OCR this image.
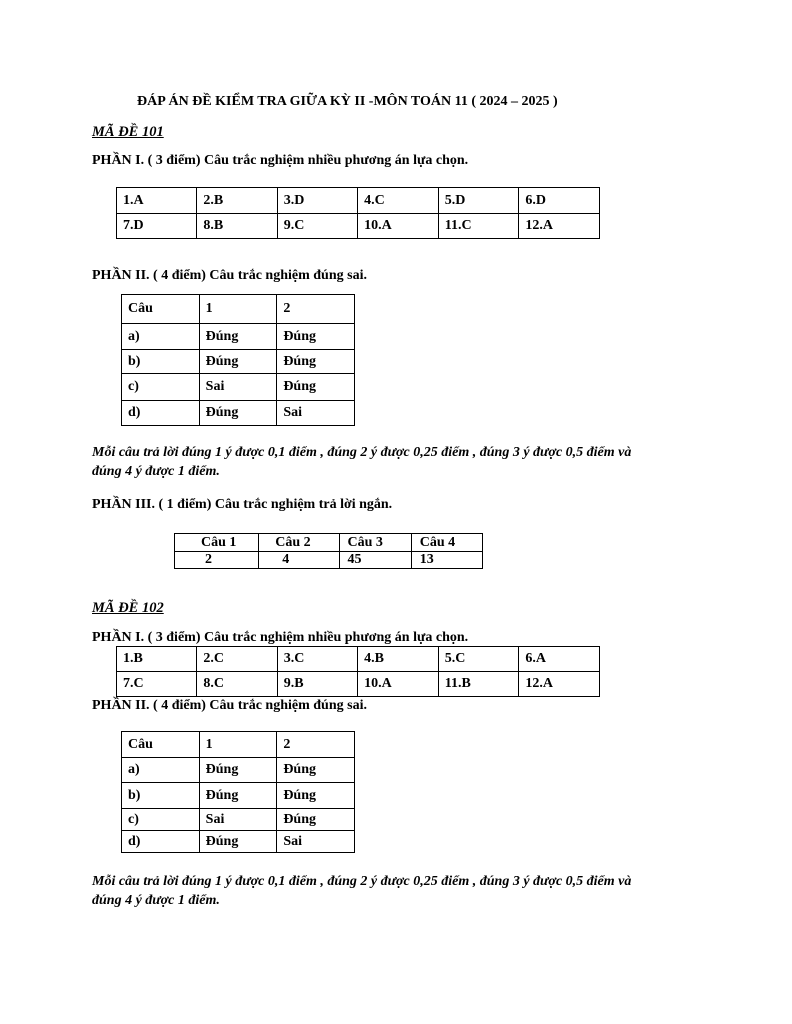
ĐÁP ÁN ĐỀ KIỂM TRA GIỮA KỲ II -MÔN TOÁN 11 ( 2024 – 2025 )
MÃ ĐỀ 101
PHẦN I. ( 3 điểm) Câu trắc nghiệm nhiều phương án lựa chọn.
1.A	2.B	3.D	4.C	5.D	6.D
7.D	8.B	9.C	10.A	11.C	12.A
PHẦN II. ( 4 điểm) Câu trắc nghiệm đúng sai.
Câu	1	2
a)	Đúng	Đúng
b)	Đúng	Đúng
c)	Sai	Đúng
d)	Đúng	Sai
Mỗi câu trả lời đúng 1 ý được 0,1 điểm , đúng 2 ý được 0,25 điểm , đúng 3 ý được 0,5 điểm và
đúng 4 ý được 1 điểm.
PHẦN III. ( 1 điểm) Câu trắc nghiệm trả lời ngắn.
Câu 1	Câu 2	Câu 3	Câu 4
2	4	45	13
MÃ ĐỀ 102
PHẦN I. ( 3 điểm) Câu trắc nghiệm nhiều phương án lựa chọn.
1.B	2.C	3.C	4.B	5.C	6.A
7.C	8.C	9.B	10.A	11.B	12.A
PHẦN II. ( 4 điểm) Câu trắc nghiệm đúng sai.
Câu	1	2
a)	Đúng	Đúng
b)	Đúng	Đúng
c)	Sai	Đúng
d)	Đúng	Sai
Mỗi câu trả lời đúng 1 ý được 0,1 điểm , đúng 2 ý được 0,25 điểm , đúng 3 ý được 0,5 điểm và
đúng 4 ý được 1 điểm.
